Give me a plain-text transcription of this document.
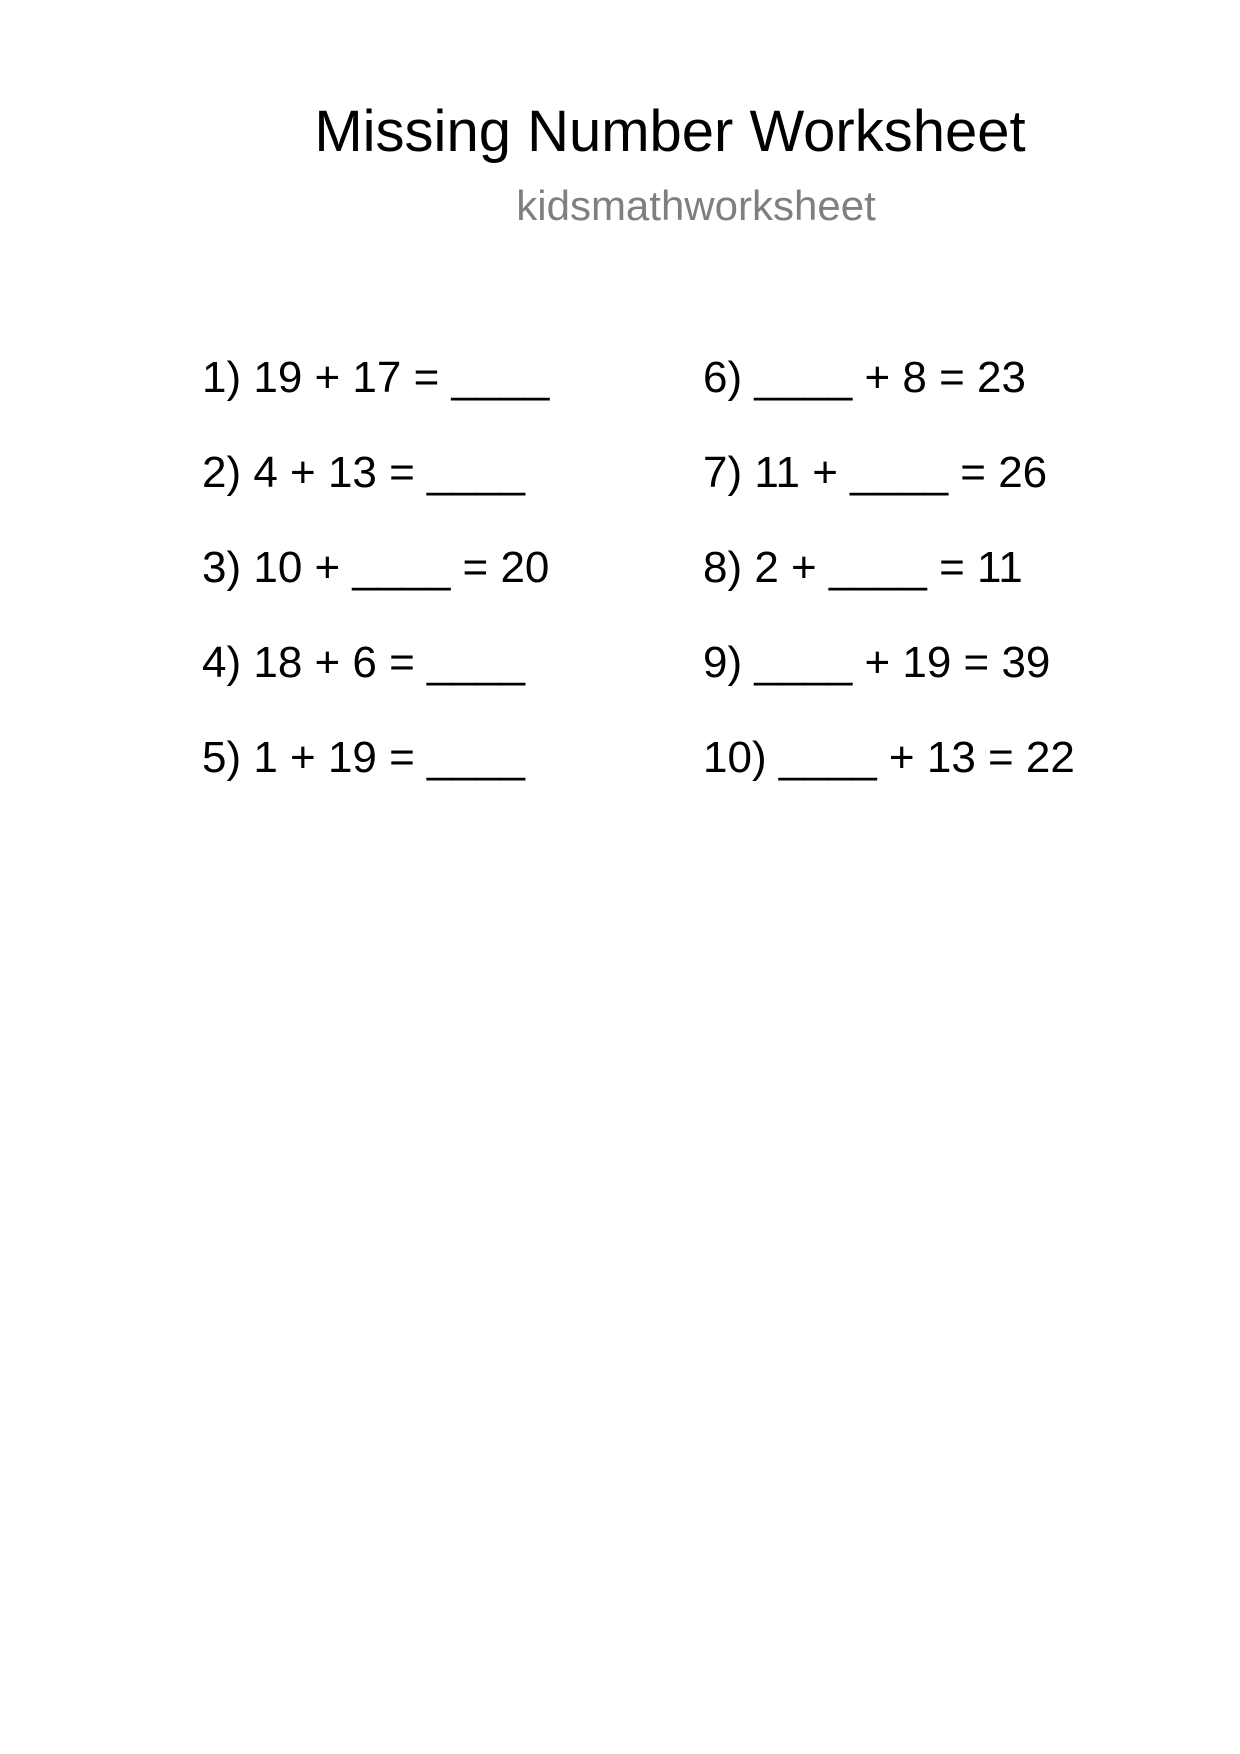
Missing Number Worksheet
kidsmathworksheet
1) 19 + 17 = ____
2) 4 + 13 = ____
3) 10 + ____ = 20
4) 18 + 6 = ____
5) 1 + 19 = ____
6) ____ + 8 = 23
7) 11 + ____ = 26
8) 2 + ____ = 11
9) ____ + 19 = 39
10) ____ + 13 = 22
